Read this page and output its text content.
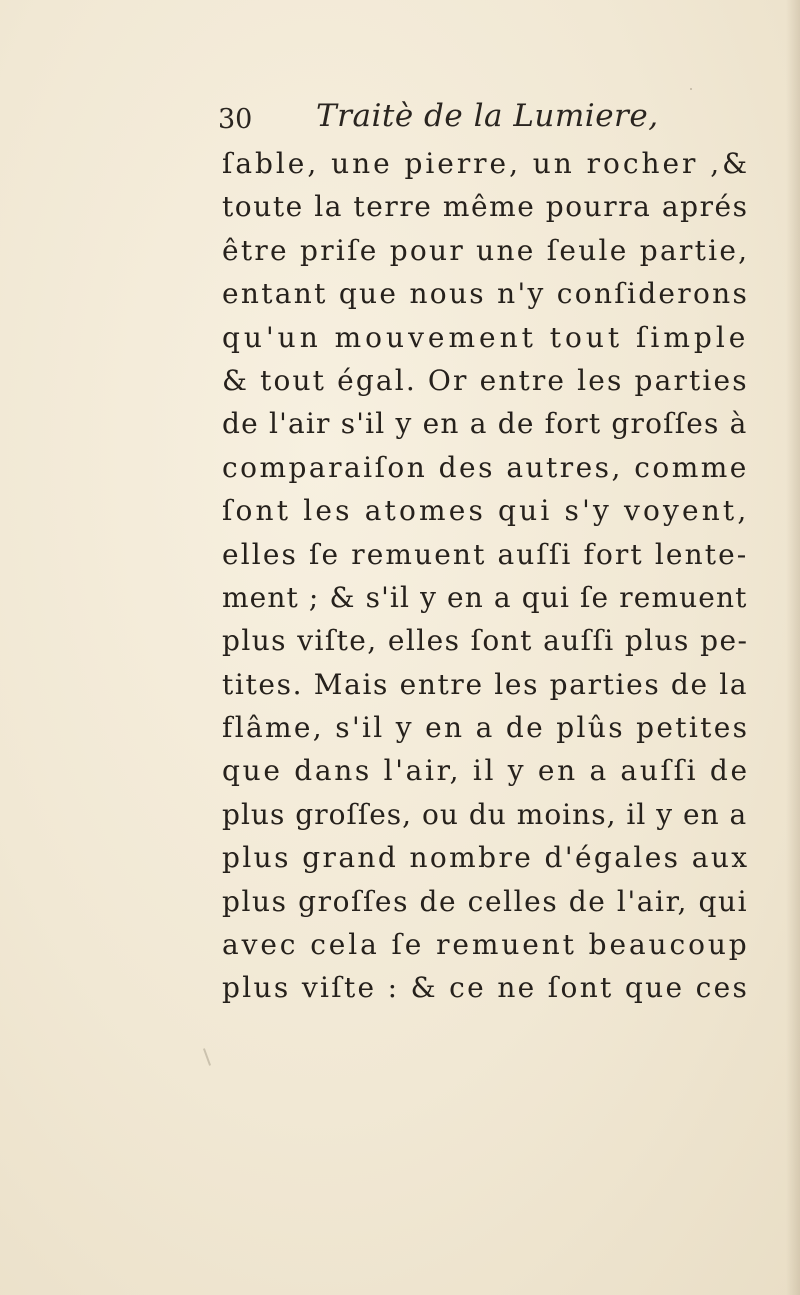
30 Traitè de la Lumiere,
ſable, une pierre, un rocher ,&
toute la terre même pourra aprés
être priſe pour une ſeule partie,
entant que nous n'y conſiderons
qu'un mouvement tout ſimple
& tout égal. Or entre les parties
de l'air s'il y en a de fort groſſes à
comparaiſon des autres, comme
ſont les atomes qui s'y voyent,
elles ſe remuent auſſi fort lente-
ment ; & s'il y en a qui ſe remuent
plus viſte, elles ſont auſſi plus pe-
tites. Mais entre les parties de la
flâme, s'il y en a de plûs petites
que dans l'air, il y en a auſſi de
plus groſſes, ou du moins, il y en a
plus grand nombre d'égales aux
plus groſſes de celles de l'air, qui
avec cela ſe remuent beaucoup
plus viſte : & ce ne ſont que ces
